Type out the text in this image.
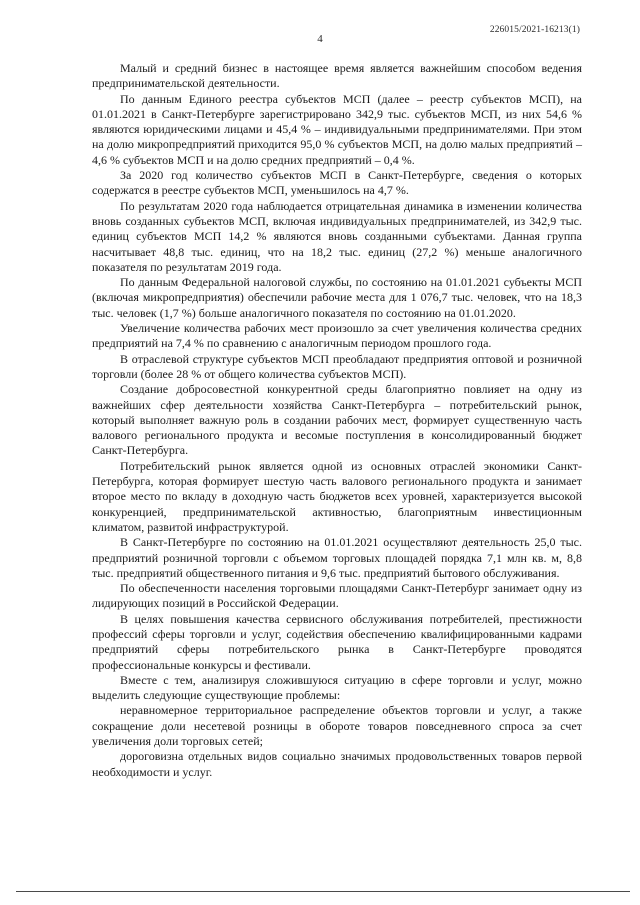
4
226015/2021-16213(1)

Малый и средний бизнес в настоящее время является важнейшим способом ведения предпринимательской деятельности.

По данным Единого реестра субъектов МСП (далее – реестр субъектов МСП), на 01.01.2021 в Санкт-Петербурге зарегистрировано 342,9 тыс. субъектов МСП, из них 54,6 % являются юридическими лицами и 45,4 % – индивидуальными предпринимателями. При этом на долю микропредприятий приходится 95,0 % субъектов МСП, на долю малых предприятий – 4,6 % субъектов МСП и на долю средних предприятий – 0,4 %.

За 2020 год количество субъектов МСП в Санкт-Петербурге, сведения о которых содержатся в реестре субъектов МСП, уменьшилось на 4,7 %.

По результатам 2020 года наблюдается отрицательная динамика в изменении количества вновь созданных субъектов МСП, включая индивидуальных предпринимателей, из 342,9 тыс. единиц субъектов МСП 14,2 % являются вновь созданными субъектами. Данная группа насчитывает 48,8 тыс. единиц, что на 18,2 тыс. единиц (27,2 %) меньше аналогичного показателя по результатам 2019 года.

По данным Федеральной налоговой службы, по состоянию на 01.01.2021 субъекты МСП (включая микропредприятия) обеспечили рабочие места для 1 076,7 тыс. человек, что на 18,3 тыс. человек (1,7 %) больше аналогичного показателя по состоянию на 01.01.2020.

Увеличение количества рабочих мест произошло за счет увеличения количества средних предприятий на 7,4 % по сравнению с аналогичным периодом прошлого года.

В отраслевой структуре субъектов МСП преобладают предприятия оптовой и розничной торговли (более 28 % от общего количества субъектов МСП).

Создание добросовестной конкурентной среды благоприятно повлияет на одну из важнейших сфер деятельности хозяйства Санкт-Петербурга – потребительский рынок, который выполняет важную роль в создании рабочих мест, формирует существенную часть валового регионального продукта и весомые поступления в консолидированный бюджет Санкт-Петербурга.

Потребительский рынок является одной из основных отраслей экономики Санкт-Петербурга, которая формирует шестую часть валового регионального продукта и занимает второе место по вкладу в доходную часть бюджетов всех уровней, характеризуется высокой конкуренцией, предпринимательской активностью, благоприятным инвестиционным климатом, развитой инфраструктурой.

В Санкт-Петербурге по состоянию на 01.01.2021 осуществляют деятельность 25,0 тыс. предприятий розничной торговли с объемом торговых площадей порядка 7,1 млн кв. м, 8,8 тыс. предприятий общественного питания и 9,6 тыс. предприятий бытового обслуживания.

По обеспеченности населения торговыми площадями Санкт-Петербург занимает одну из лидирующих позиций в Российской Федерации.

В целях повышения качества сервисного обслуживания потребителей, престижности профессий сферы торговли и услуг, содействия обеспечению квалифицированными кадрами предприятий сферы потребительского рынка в Санкт-Петербурге проводятся профессиональные конкурсы и фестивали.

Вместе с тем, анализируя сложившуюся ситуацию в сфере торговли и услуг, можно выделить следующие существующие проблемы:

неравномерное территориальное распределение объектов торговли и услуг, а также сокращение доли несетевой розницы в обороте товаров повседневного спроса за счет увеличения доли торговых сетей;

дороговизна отдельных видов социально значимых продовольственных товаров первой необходимости и услуг.
